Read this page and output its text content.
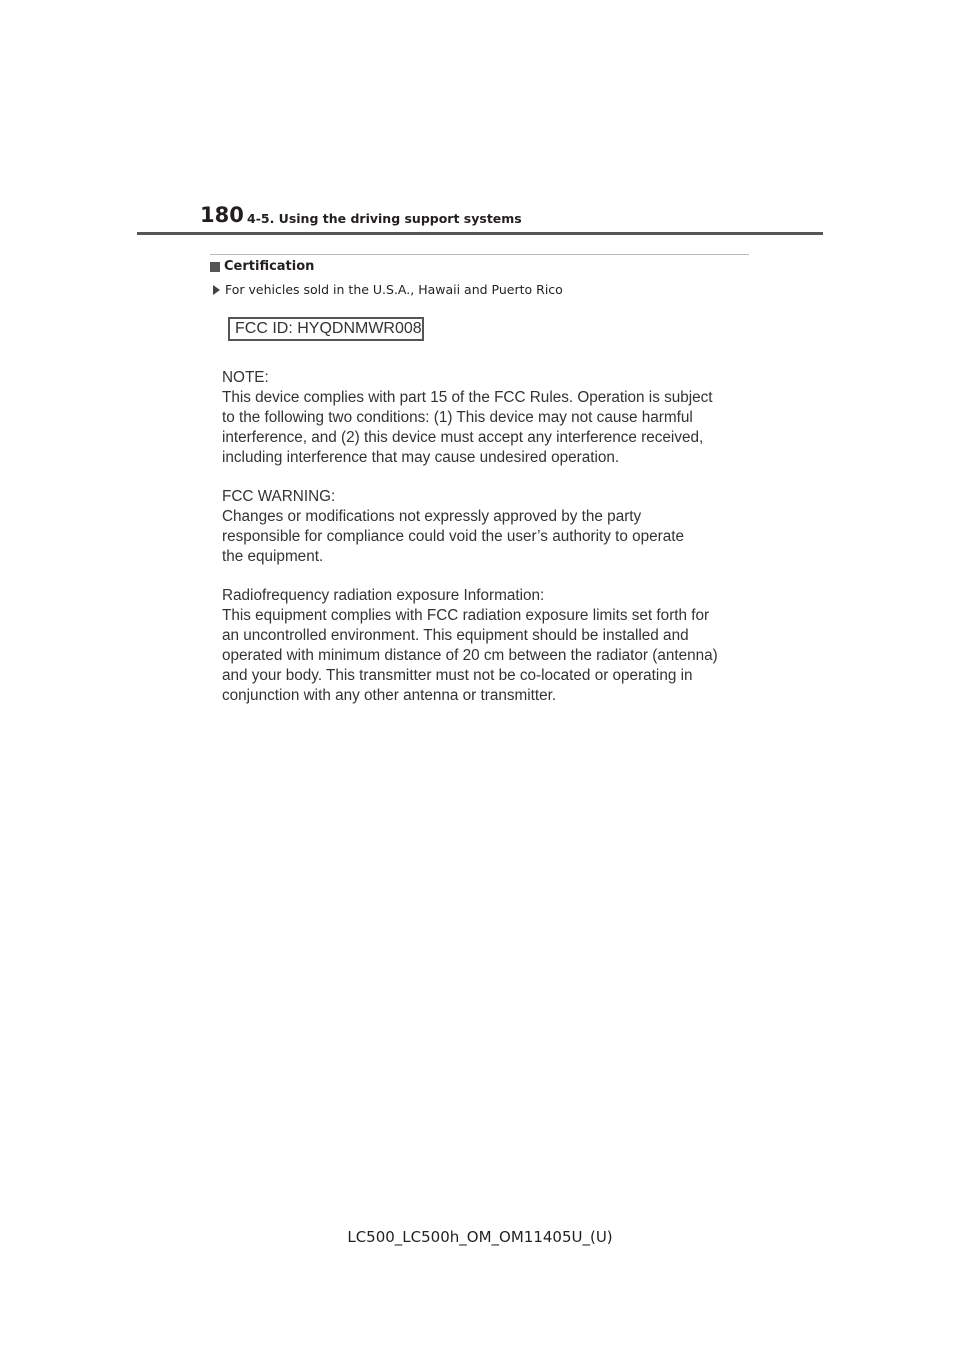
180 4-5. Using the driving support systems
Certification
For vehicles sold in the U.S.A., Hawaii and Puerto Rico
FCC ID: HYQDNMWR008
NOTE:
This device complies with part 15 of the FCC Rules. Operation is subject
to the following two conditions: (1) This device may not cause harmful
interference, and (2) this device must accept any interference received,
including interference that may cause undesired operation.
FCC WARNING:
Changes or modifications not expressly approved by the party
responsible for compliance could void the user’s authority to operate
the equipment.
Radiofrequency radiation exposure Information:
This equipment complies with FCC radiation exposure limits set forth for
an uncontrolled environment. This equipment should be installed and
operated with minimum distance of 20 cm between the radiator (antenna)
and your body. This transmitter must not be co-located or operating in
conjunction with any other antenna or transmitter.
LC500_LC500h_OM_OM11405U_(U)
